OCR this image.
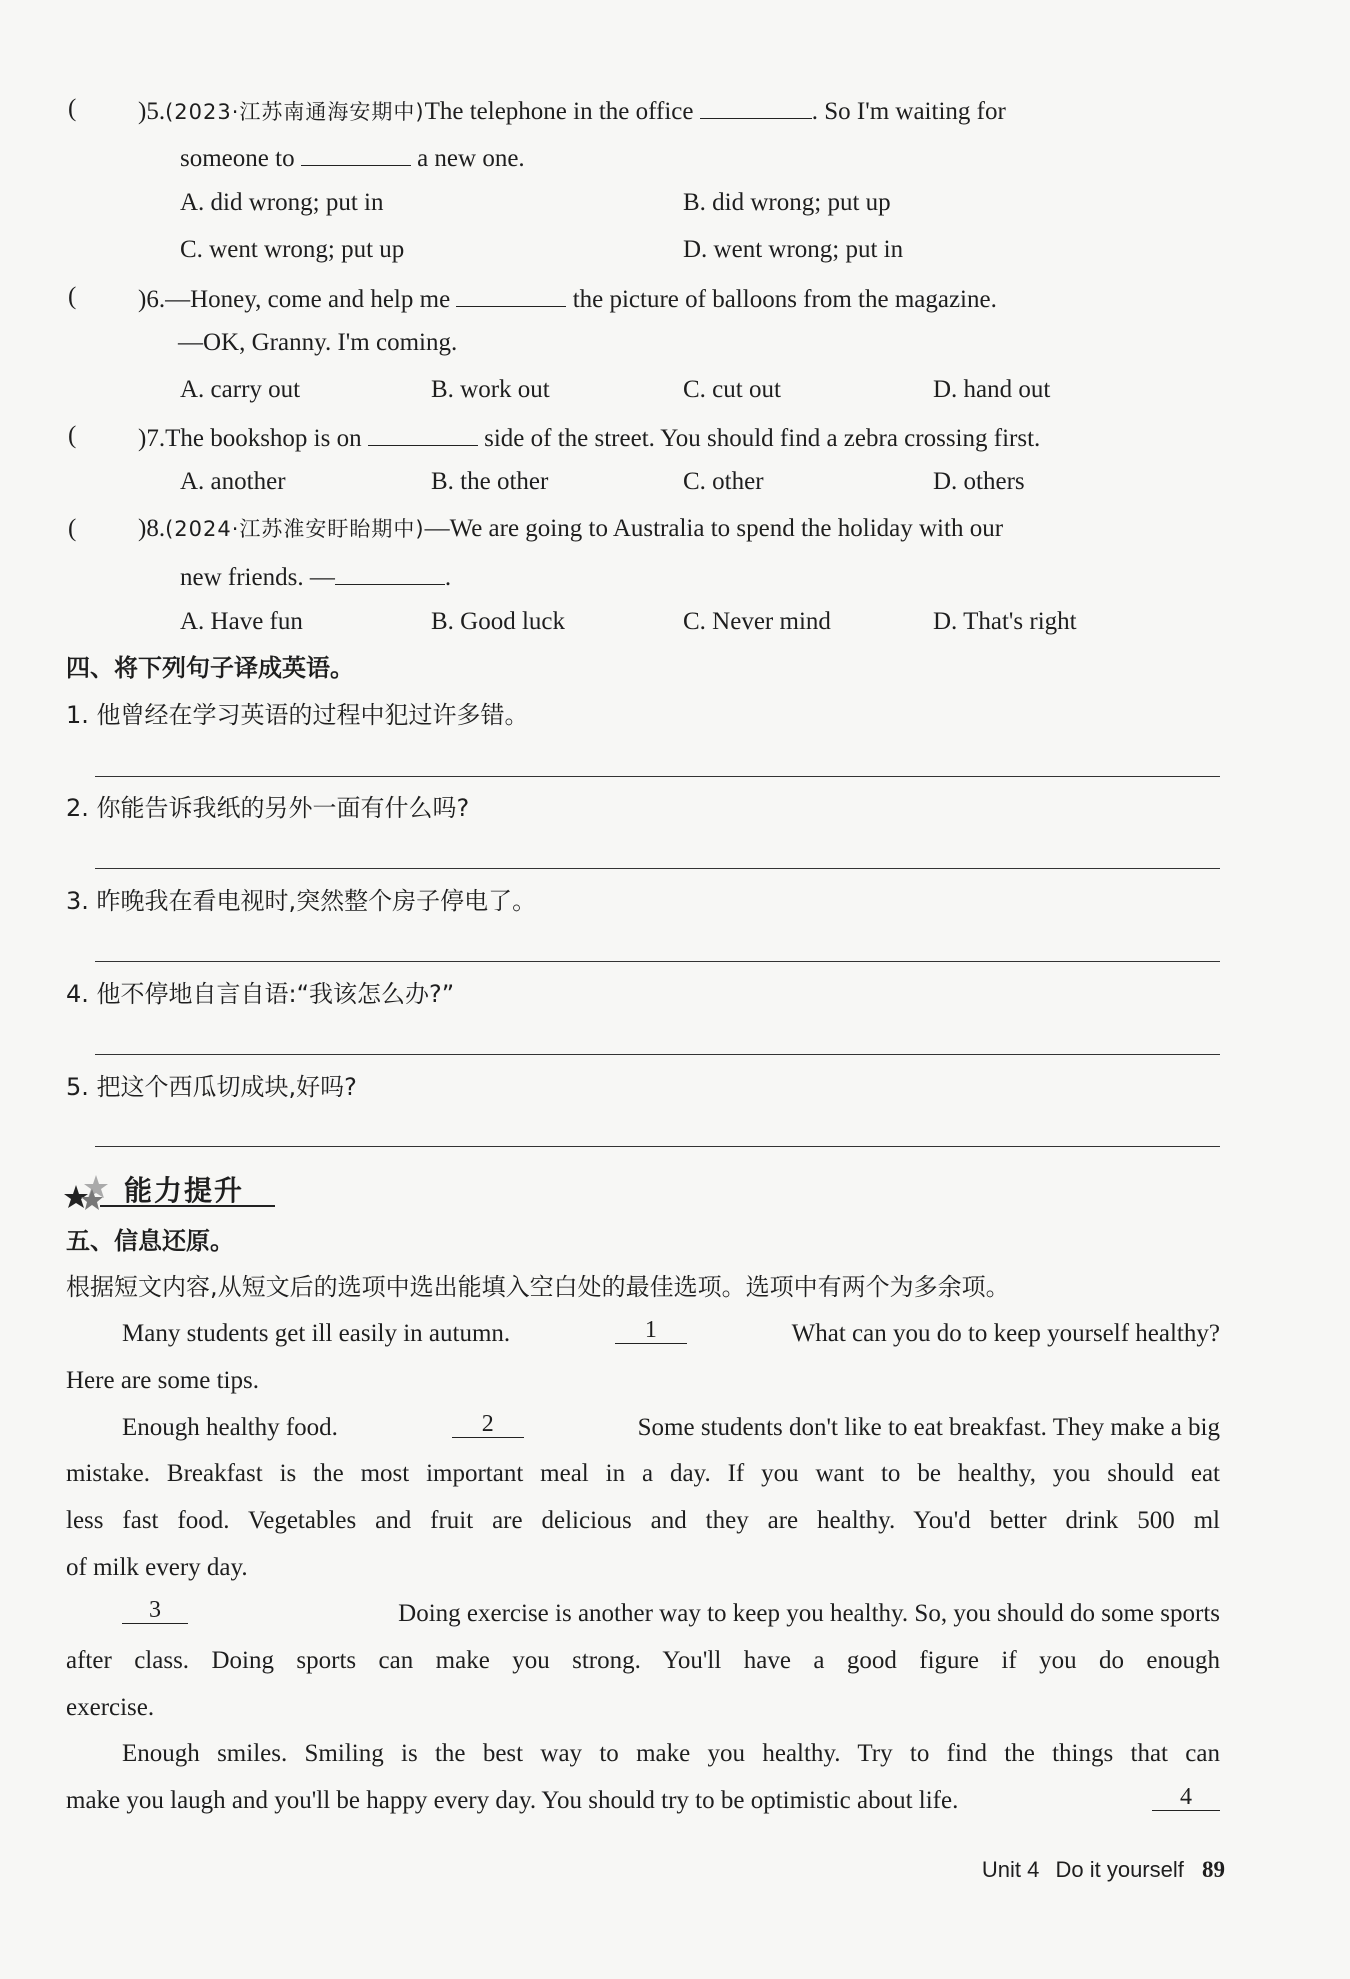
( )5.(2023·江苏南通海安期中)The telephone in the office	. So I'm waiting for
someone to	a new one.
A. did wrong; put in	B. did wrong; put up
C. went wrong; put up	D. went wrong; put in
( )6.—Honey, come and help me	the picture of balloons from the magazine.
—OK, Granny. I'm coming.
A. carry out	B. work out	C. cut out	D. hand out
( )7.The bookshop is on	side of the street. You should find a zebra crossing first.
A. another	B. the other	C. other	D. others
( )8.(2024·江苏淮安盱眙期中)—We are going to Australia to spend the holiday with our
new friends. —	.
A. Have fun	B. Good luck	C. Never mind	D. That's right
四、将下列句子译成英语。
1. 他曾经在学习英语的过程中犯过许多错。
2. 你能告诉我纸的另外一面有什么吗?
3. 昨晚我在看电视时,突然整个房子停电了。
4. 他不停地自言自语:“我该怎么办?”
5. 把这个西瓜切成块,好吗?
能力提升
五、信息还原。
根据短文内容,从短文后的选项中选出能填入空白处的最佳选项。选项中有两个为多余项。
Many students get ill easily in autumn.	1	What can you do to keep yourself healthy?
Here are some tips.
Enough healthy food.	2	Some students don't like to eat breakfast. They make a big
mistake. Breakfast is the most important meal in a day. If you want to be healthy, you should eat
less fast food. Vegetables and fruit are delicious and they are healthy. You'd better drink 500 ml
of milk every day.
3	Doing exercise is another way to keep you healthy. So, you should do some sports
after class. Doing sports can make you strong. You'll have a good figure if you do enough
exercise.
Enough smiles. Smiling is the best way to make you healthy. Try to find the things that can
make you laugh and you'll be happy every day. You should try to be optimistic about life.	4
Unit 4 Do it yourself 89
